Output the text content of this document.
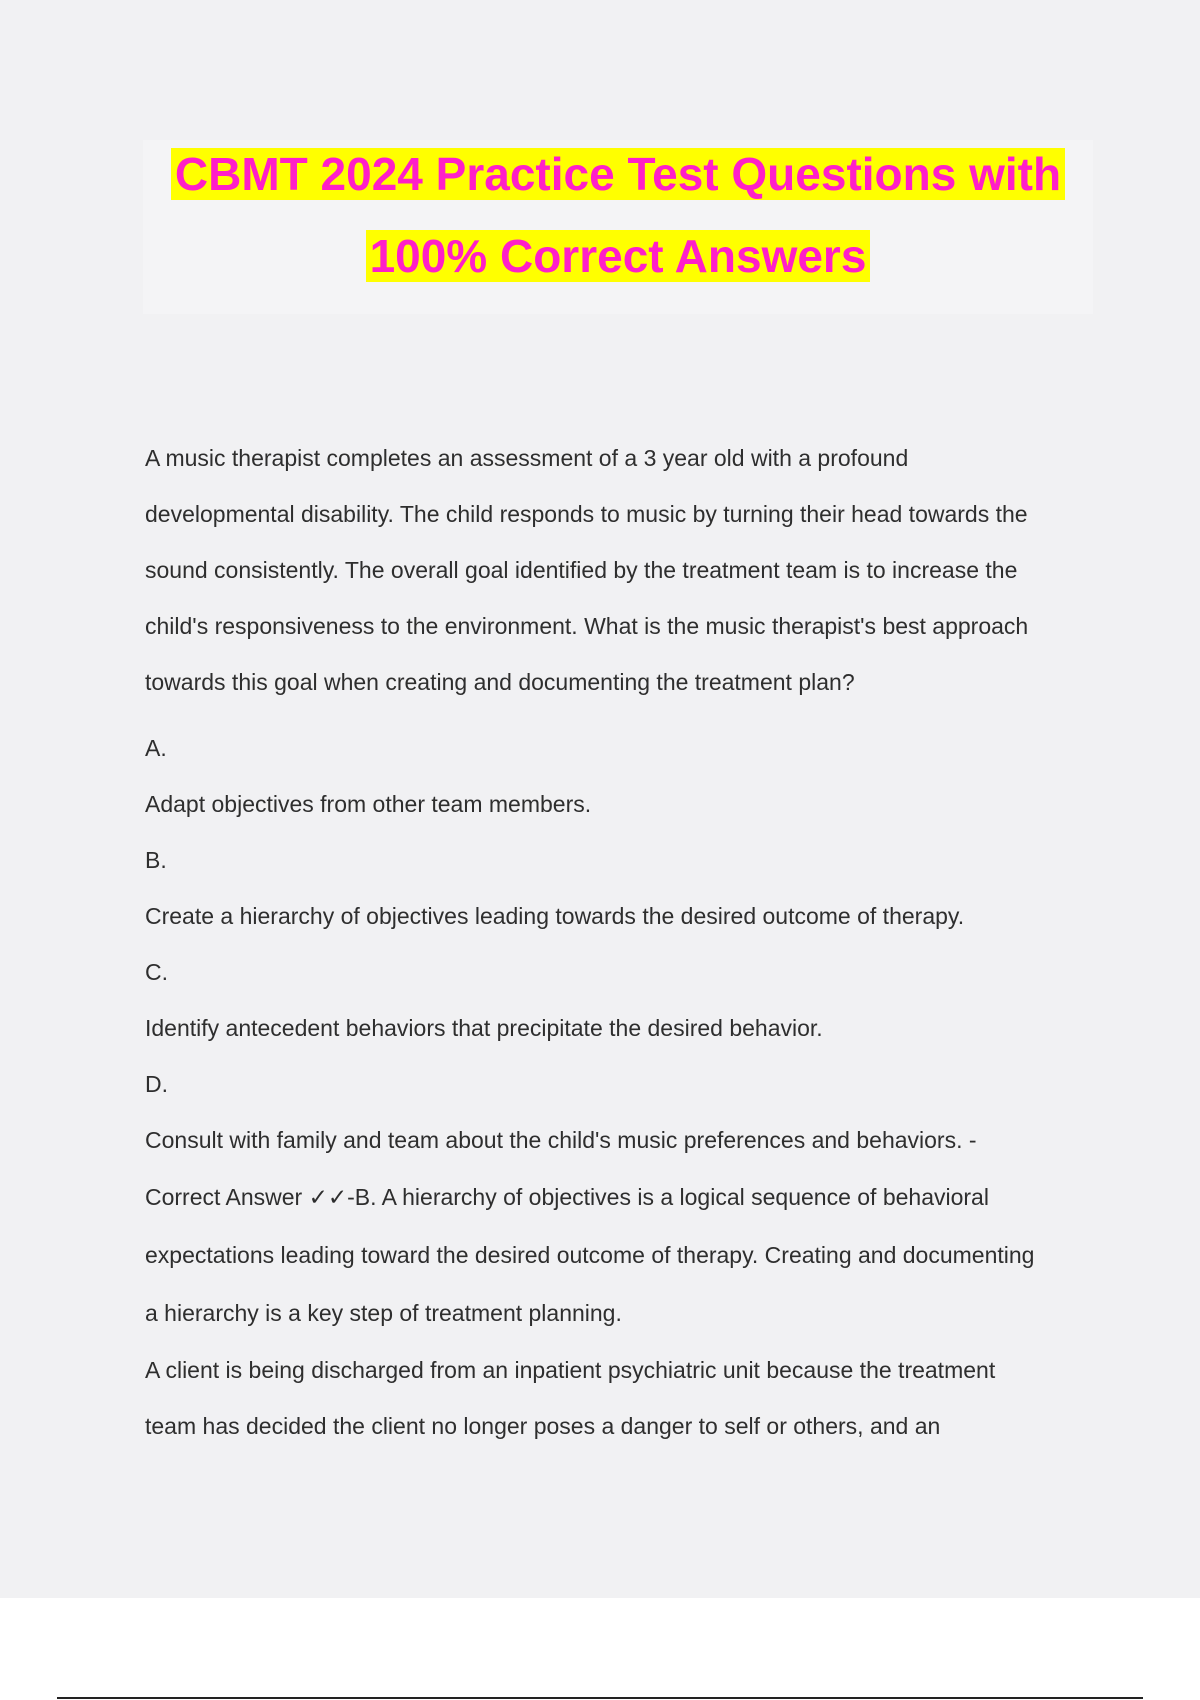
CBMT 2024 Practice Test Questions with
100% Correct Answers

A music therapist completes an assessment of a 3 year old with a profound
developmental disability. The child responds to music by turning their head towards the
sound consistently. The overall goal identified by the treatment team is to increase the
child's responsiveness to the environment. What is the music therapist's best approach
towards this goal when creating and documenting the treatment plan?

A.
Adapt objectives from other team members.
B.
Create a hierarchy of objectives leading towards the desired outcome of therapy.
C.
Identify antecedent behaviors that precipitate the desired behavior.
D.
Consult with family and team about the child's music preferences and behaviors. -

Correct Answer ✓✓-B. A hierarchy of objectives is a logical sequence of behavioral
expectations leading toward the desired outcome of therapy. Creating and documenting
a hierarchy is a key step of treatment planning.

A client is being discharged from an inpatient psychiatric unit because the treatment
team has decided the client no longer poses a danger to self or others, and an
